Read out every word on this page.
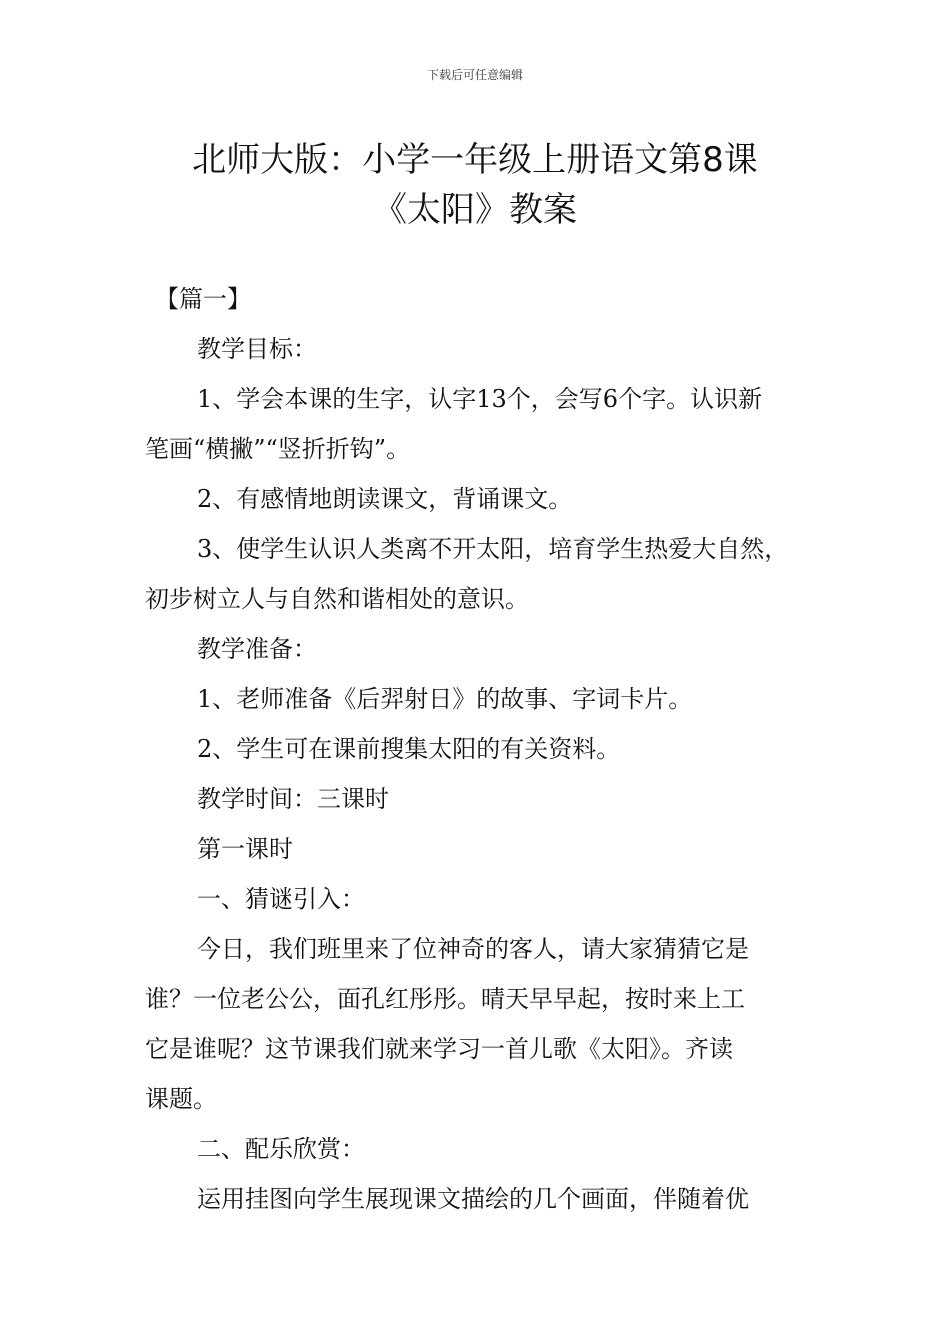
下载后可任意编辑
北师大版：小学一年级上册语文第8课
《太阳》教案
【篇一】
教学目标：
1、学会本课的生字，认字13个，会写6个字。认识新
笔画“横撇”“竖折折钩”。
2、有感情地朗读课文，背诵课文。
3、使学生认识人类离不开太阳，培育学生热爱大自然，
初步树立人与自然和谐相处的意识。
教学准备：
1、老师准备《后羿射日》的故事、字词卡片。
2、学生可在课前搜集太阳的有关资料。
教学时间：三课时
第一课时
一、猜谜引入：
今日，我们班里来了位神奇的客人，请大家猜猜它是
谁？一位老公公，面孔红彤彤。晴天早早起，按时来上工
它是谁呢？这节课我们就来学习一首儿歌《太阳》。齐读
课题。
二、配乐欣赏：
运用挂图向学生展现课文描绘的几个画面，伴随着优
